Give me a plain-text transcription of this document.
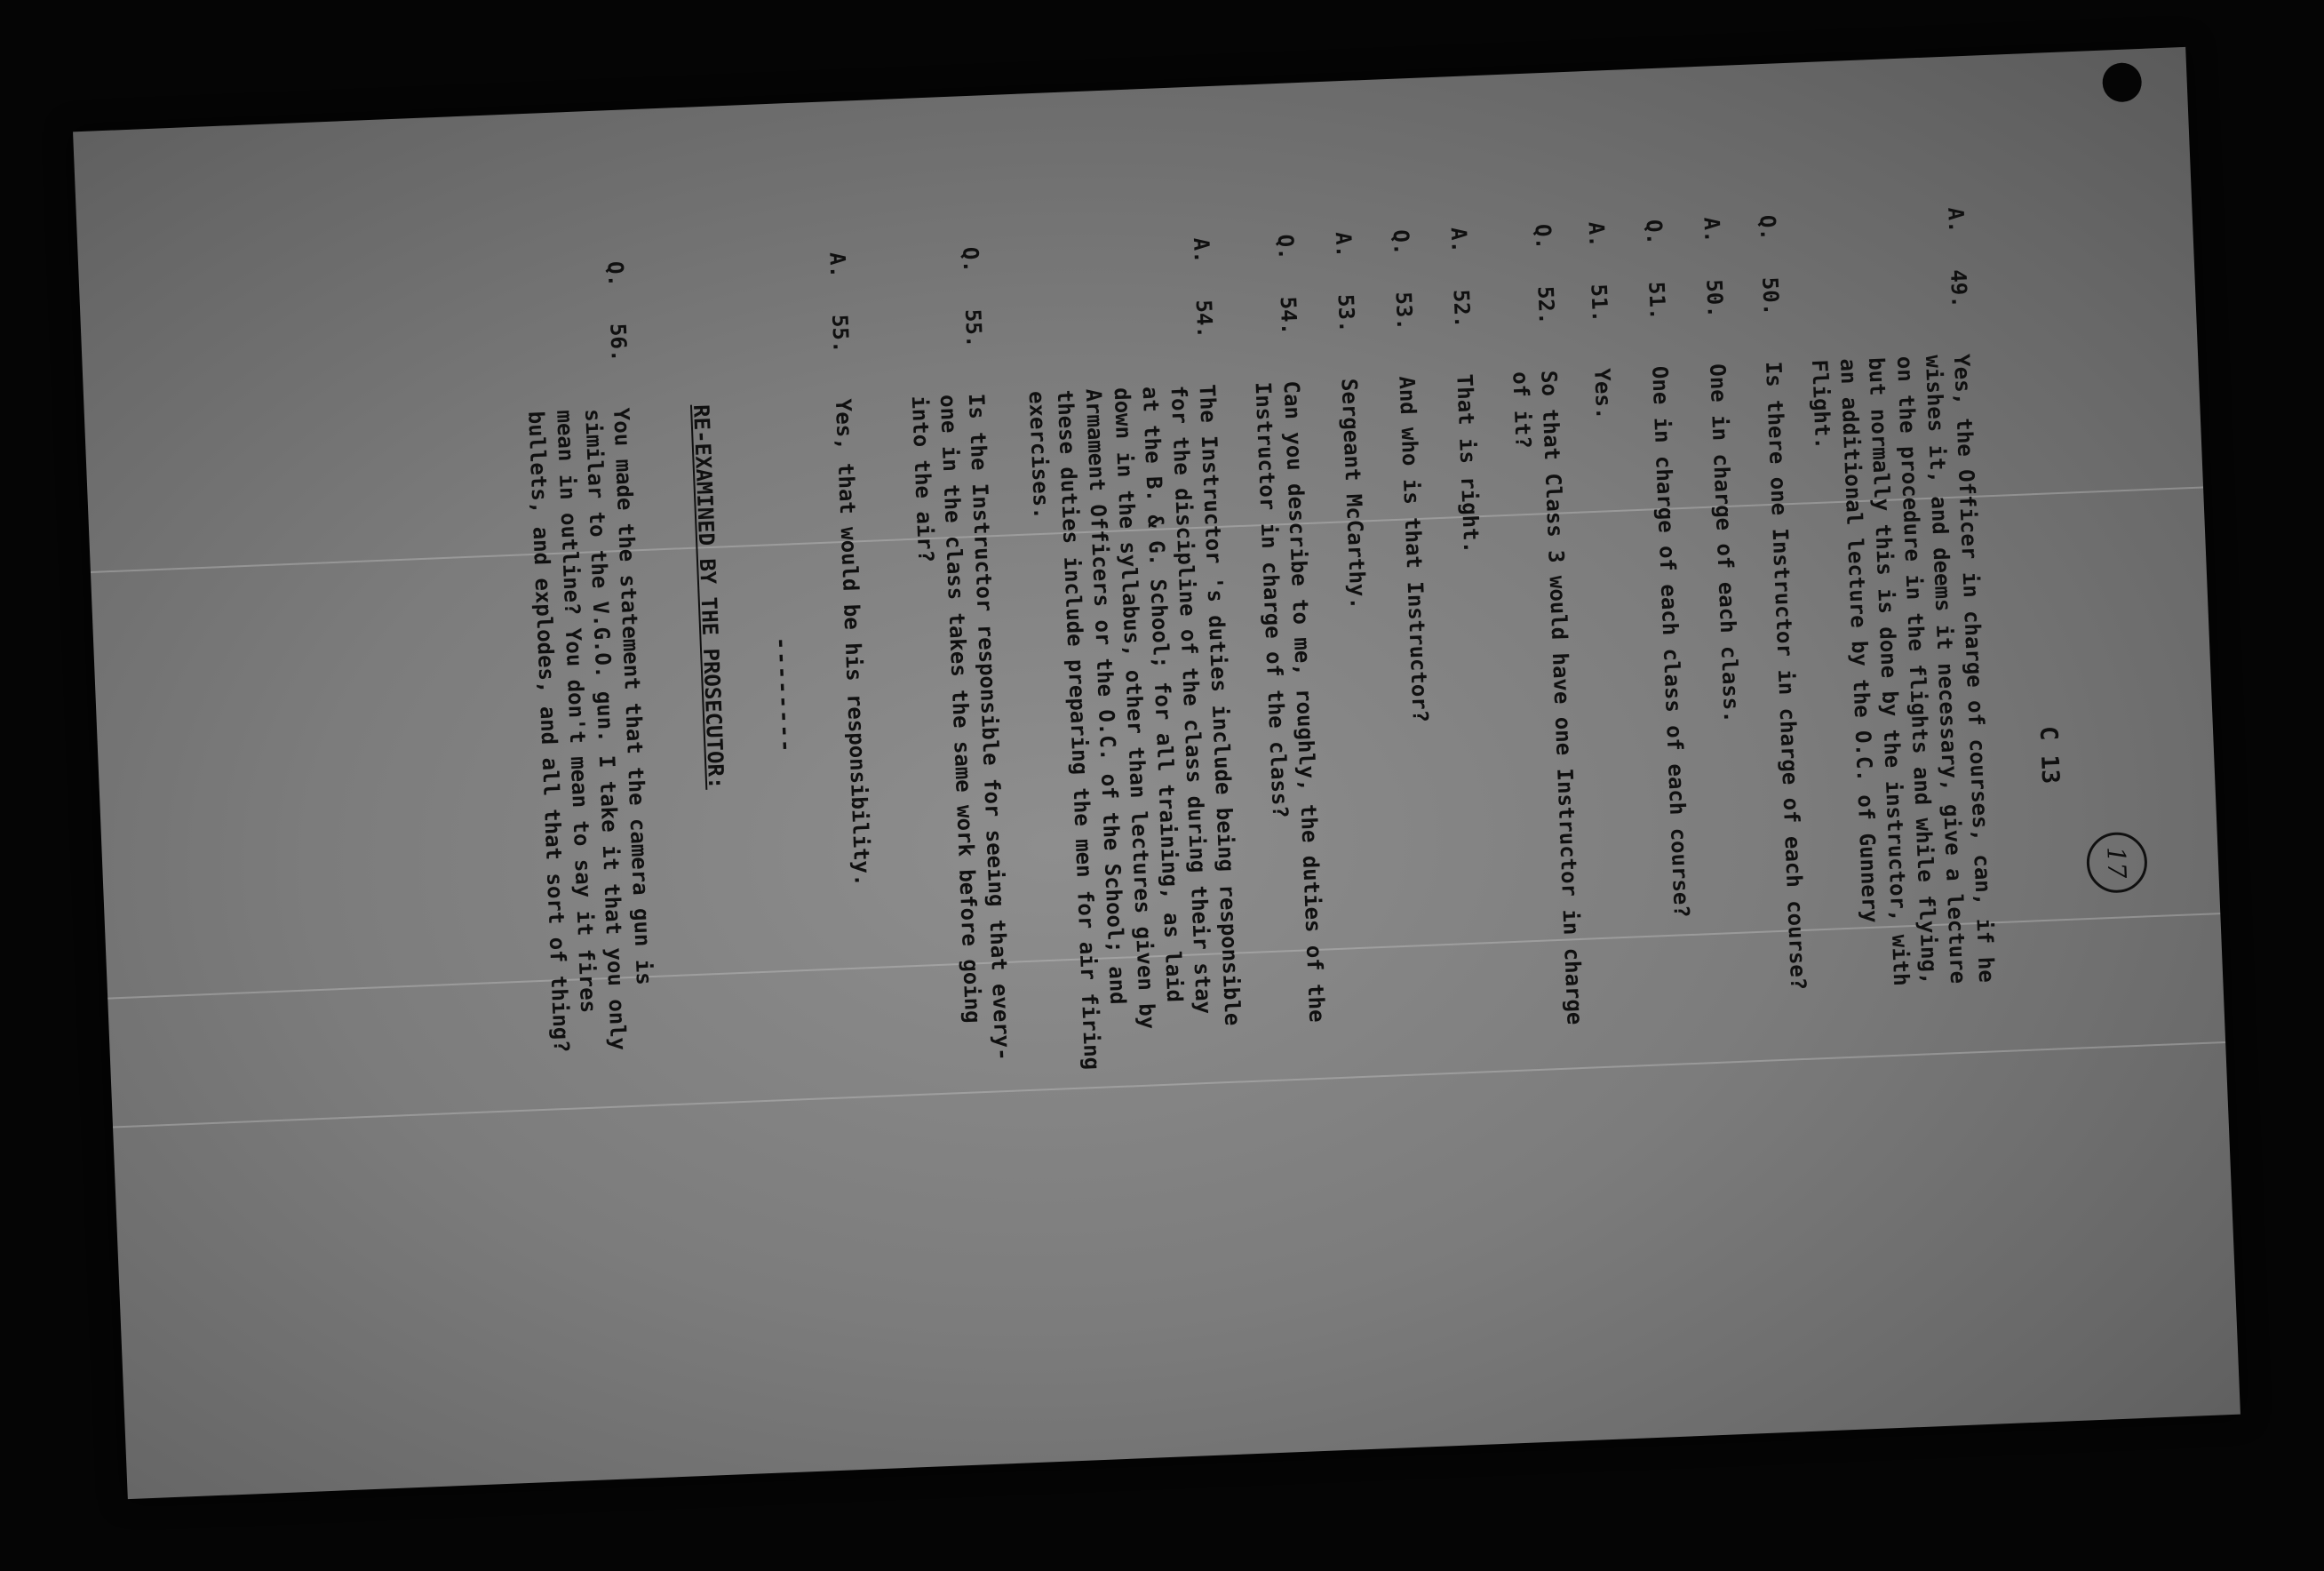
C 13
A.
49.
Yes, the Officer in charge of courses, can, if he
wishes it, and deems it necessary, give a lecture
on the procedure in the flights and while flying,
but normally this is done by the instructor, with
an additional lecture by the O.C. of Gunnery
Flight.
Q.
50.
Is there one Instructor in charge of each course?
A.
50.
One in charge of each class.
Q.
51.
One in charge of each class of each course?
A.
51.
Yes.
Q.
52.
So that Class 3 would have one Instructor in charge
of it?
A.
52.
That is right.
Q.
53.
And who is that Instructor?
A.
53.
Sergeant McCarthy.
Q.
54.
Can you describe to me, roughly, the duties of the
Instructor in charge of the class?
A.
54.
The Instructor 's duties include being responsible
for the discipline of the class during their stay
at the B. & G. School; for all training, as laid
down in the syllabus, other than lectures given by
Armament Officers or the O.C. of the School; and
these duties include preparing the men for air firing
exercises.
Q.
55.
Is the Instructor responsible for seeing that every-
one in the class takes the same work before going
into the air?
A.
55.
Yes, that would be his responsibility.
--------
RE-EXAMINED BY THE PROSECUTOR:
Q.
56.
You made the statement that the camera gun is
similar to the V.G.O. gun. I take it that you only
mean in outline? You don't mean to say it fires
bullets, and explodes, and all that sort of thing?	17
